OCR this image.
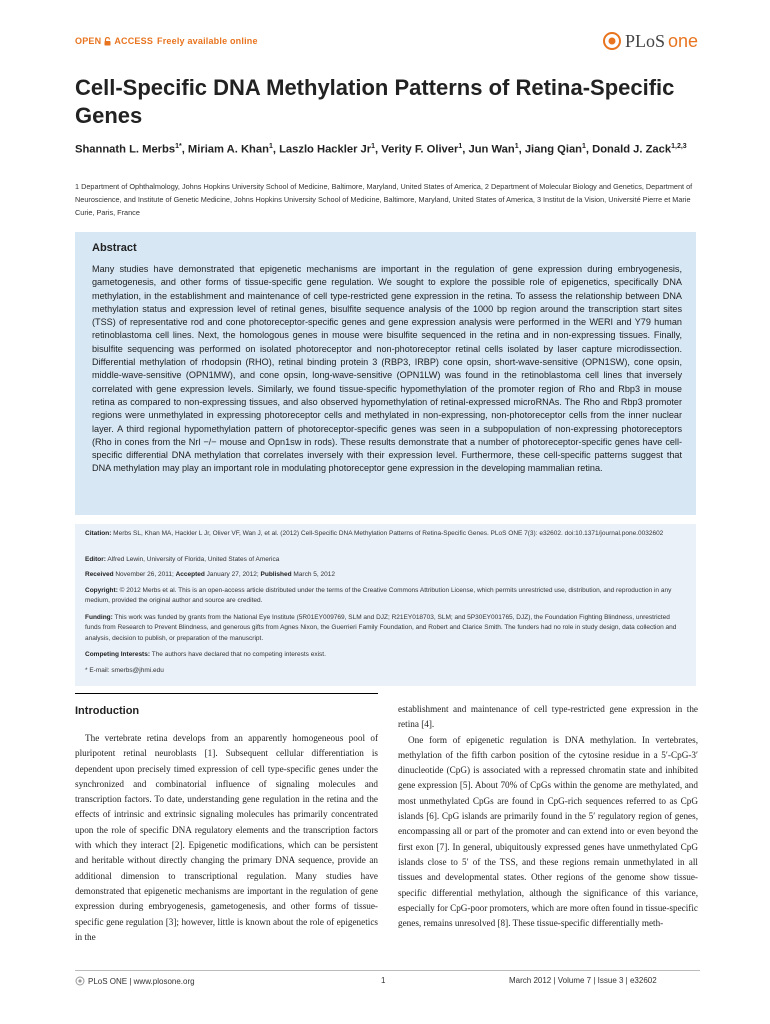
OPEN ACCESS Freely available online	PLoS one
Cell-Specific DNA Methylation Patterns of Retina-Specific Genes
Shannath L. Merbs$^{1*}$, Miriam A. Khan$^1$, Laszlo Hackler Jr$^1$, Verity F. Oliver$^1$, Jun Wan$^1$, Jiang Qian$^1$, Donald J. Zack$^{1,2,3}$
1 Department of Ophthalmology, Johns Hopkins University School of Medicine, Baltimore, Maryland, United States of America, 2 Department of Molecular Biology and Genetics, Department of Neuroscience, and Institute of Genetic Medicine, Johns Hopkins University School of Medicine, Baltimore, Maryland, United States of America, 3 Institut de la Vision, Université Pierre et Marie Curie, Paris, France
Abstract
Many studies have demonstrated that epigenetic mechanisms are important in the regulation of gene expression during embryogenesis, gametogenesis, and other forms of tissue-specific gene regulation. We sought to explore the possible role of epigenetics, specifically DNA methylation, in the establishment and maintenance of cell type-restricted gene expression in the retina. To assess the relationship between DNA methylation status and expression level of retinal genes, bisulfite sequence analysis of the 1000 bp region around the transcription start sites (TSS) of representative rod and cone photoreceptor-specific genes and gene expression analysis were performed in the WERI and Y79 human retinoblastoma cell lines. Next, the homologous genes in mouse were bisulfite sequenced in the retina and in non-expressing tissues. Finally, bisulfite sequencing was performed on isolated photoreceptor and non-photoreceptor retinal cells isolated by laser capture microdissection. Differential methylation of rhodopsin (RHO), retinal binding protein 3 (RBP3, IRBP) cone opsin, short-wave-sensitive (OPN1SW), cone opsin, middle-wave-sensitive (OPN1MW), and cone opsin, long-wave-sensitive (OPN1LW) was found in the retinoblastoma cell lines that inversely correlated with gene expression levels. Similarly, we found tissue-specific hypomethylation of the promoter region of Rho and Rbp3 in mouse retina as compared to non-expressing tissues, and also observed hypomethylation of retinal-expressed microRNAs. The Rho and Rbp3 promoter regions were unmethylated in expressing photoreceptor cells and methylated in non-expressing, non-photoreceptor cells from the inner nuclear layer. A third regional hypomethylation pattern of photoreceptor-specific genes was seen in a subpopulation of non-expressing photoreceptors (Rho in cones from the Nrl −/− mouse and Opn1sw in rods). These results demonstrate that a number of photoreceptor-specific genes have cell-specific differential DNA methylation that correlates inversely with their expression level. Furthermore, these cell-specific patterns suggest that DNA methylation may play an important role in modulating photoreceptor gene expression in the developing mammalian retina.

Citation: Merbs SL, Khan MA, Hackler L Jr, Oliver VF, Wan J, et al. (2012) Cell-Specific DNA Methylation Patterns of Retina-Specific Genes. PLoS ONE 7(3): e32602. doi:10.1371/journal.pone.0032602

Editor: Alfred Lewin, University of Florida, United States of America

Received November 26, 2011; Accepted January 27, 2012; Published March 5, 2012

Copyright: © 2012 Merbs et al. This is an open-access article distributed under the terms of the Creative Commons Attribution License, which permits unrestricted use, distribution, and reproduction in any medium, provided the original author and source are credited.

Funding: This work was funded by grants from the National Eye Institute (5R01EY009769, SLM and DJZ; R21EY018703, SLM; and 5P30EY001765, DJZ), the Foundation Fighting Blindness, unrestricted funds from Research to Prevent Blindness, and generous gifts from Agnes Nixon, the Guerrieri Family Foundation, and Robert and Clarice Smith. The funders had no role in study design, data collection and analysis, decision to publish, or preparation of the manuscript.

Competing Interests: The authors have declared that no competing interests exist.

* E-mail: smerbs@jhmi.edu

Introduction
The vertebrate retina develops from an apparently homogeneous pool of pluripotent retinal neuroblasts [1]. Subsequent cellular differentiation is dependent upon precisely timed expression of cell type-specific genes under the synchronized and combinatorial influence of signaling molecules and transcription factors. To date, understanding gene regulation in the retina and the effects of intrinsic and extrinsic signaling molecules has primarily concentrated upon the role of specific DNA regulatory elements and the transcription factors with which they interact [2]. Epigenetic modifications, which can be persistent and heritable without directly changing the primary DNA sequence, provide an additional dimension to transcriptional regulation. Many studies have demonstrated that epigenetic mechanisms are important in the regulation of gene expression during embryogenesis, gametogenesis, and other forms of tissue-specific gene regulation [3]; however, little is known about the role of epigenetics in the

establishment and maintenance of cell type-restricted gene expression in the retina [4].

One form of epigenetic regulation is DNA methylation. In vertebrates, methylation of the fifth carbon position of the cytosine residue in a 5′-CpG-3′ dinucleotide (CpG) is associated with a repressed chromatin state and inhibited gene expression [5]. About 70% of CpGs within the genome are methylated, and most unmethylated CpGs are found in CpG-rich sequences referred to as CpG islands [6]. CpG islands are primarily found in the 5′ regulatory region of genes, encompassing all or part of the promoter and can extend into or even beyond the first exon [7]. In general, ubiquitously expressed genes have unmethylated CpG islands close to 5′ of the TSS, and these regions remain unmethylated in all tissues and developmental states. Other regions of the genome show tissue-specific differential methylation, although the significance of this variance, especially for CpG-poor promoters, which are more often found in tissue-specific genes, remains unresolved [8]. These tissue-specific differentially meth-

PLoS ONE | www.plosone.org	1	March 2012 | Volume 7 | Issue 3 | e32602
